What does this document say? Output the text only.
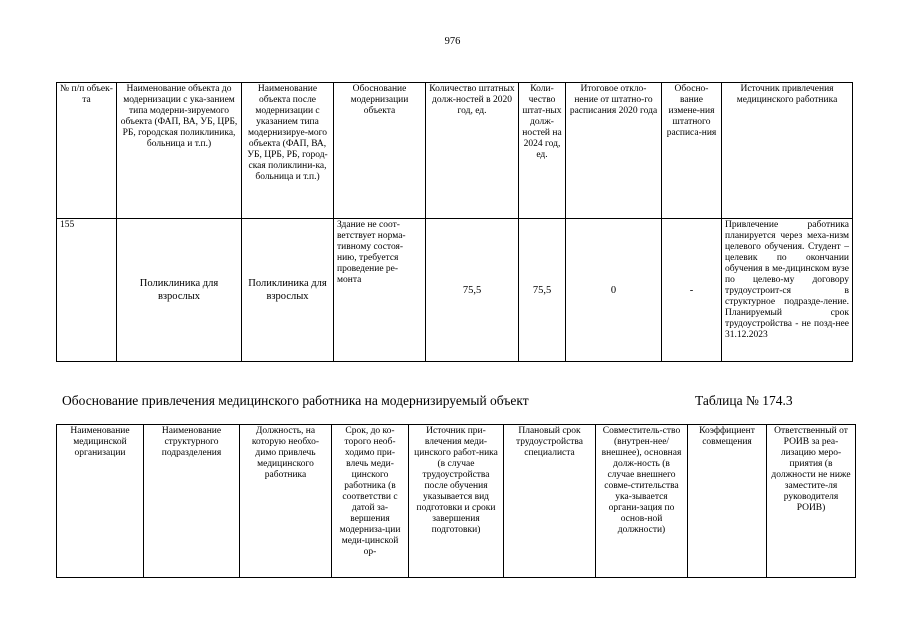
976
№ п/п объек-та	Наименование объекта до модернизации с ука-занием типа модерни-зируемого объекта (ФАП, ВА, УБ, ЦРБ, РБ, городская поликлиника, больница и т.п.)	Наименование объекта после модернизации с указанием типа модернизируе-мого объекта (ФАП, ВА, УБ, ЦРБ, РБ, город-ская поликлини-ка, больница и т.п.)	Обоснование модернизации объекта	Количество штатных долж-ностей в 2020 год, ед.	Коли-чество штат-ных долж-ностей на 2024 год, ед.	Итоговое откло-нение от штатно-го расписания 2020 года	Обосно-вание измене-ния штатного расписа-ния	Источник привлечения медицинского работника
155	Поликлиника для взрослых	Поликлиника для взрослых	Здание не соот-ветствует норма-тивному состоя-нию, требуется проведение ре-монта	75,5	75,5	0	-	Привлечение работника планируется через меха-низм целевого обучения. Студент – целевик по окончании обучения в ме-дицинском вузе по целево-му договору трудоустроит-ся в структурное подразде-ление. Планируемый срок трудоустройства - не позд-нее 31.12.2023
Обоснование привлечения медицинского работника на модернизируемый объект	Таблица № 174.3
Наименование медицинской организации	Наименование структурного подразделения	Должность, на которую необхо-димо привлечь медицинского работника	Срок, до ко-торого необ-ходимо при-влечь меди-цинского работника (в соответстви с датой за-вершения модерниза-ции меди-цинской ор-	Источник при-влечения меди-цинского работ-ника (в случае трудоустройства после обучения указывается вид подготовки и сроки завершения подготовки)	Плановый срок трудоустройства специалиста	Совместитель-ство (внутрен-нее/внешнее), основная долж-ность (в случае внешнего совме-стительства ука-зывается органи-зация по основ-ной должности)	Коэффициент совмещения	Ответственный от РОИВ за реа-лизацию меро-приятия (в должности не ниже заместите-ля руководителя РОИВ)
